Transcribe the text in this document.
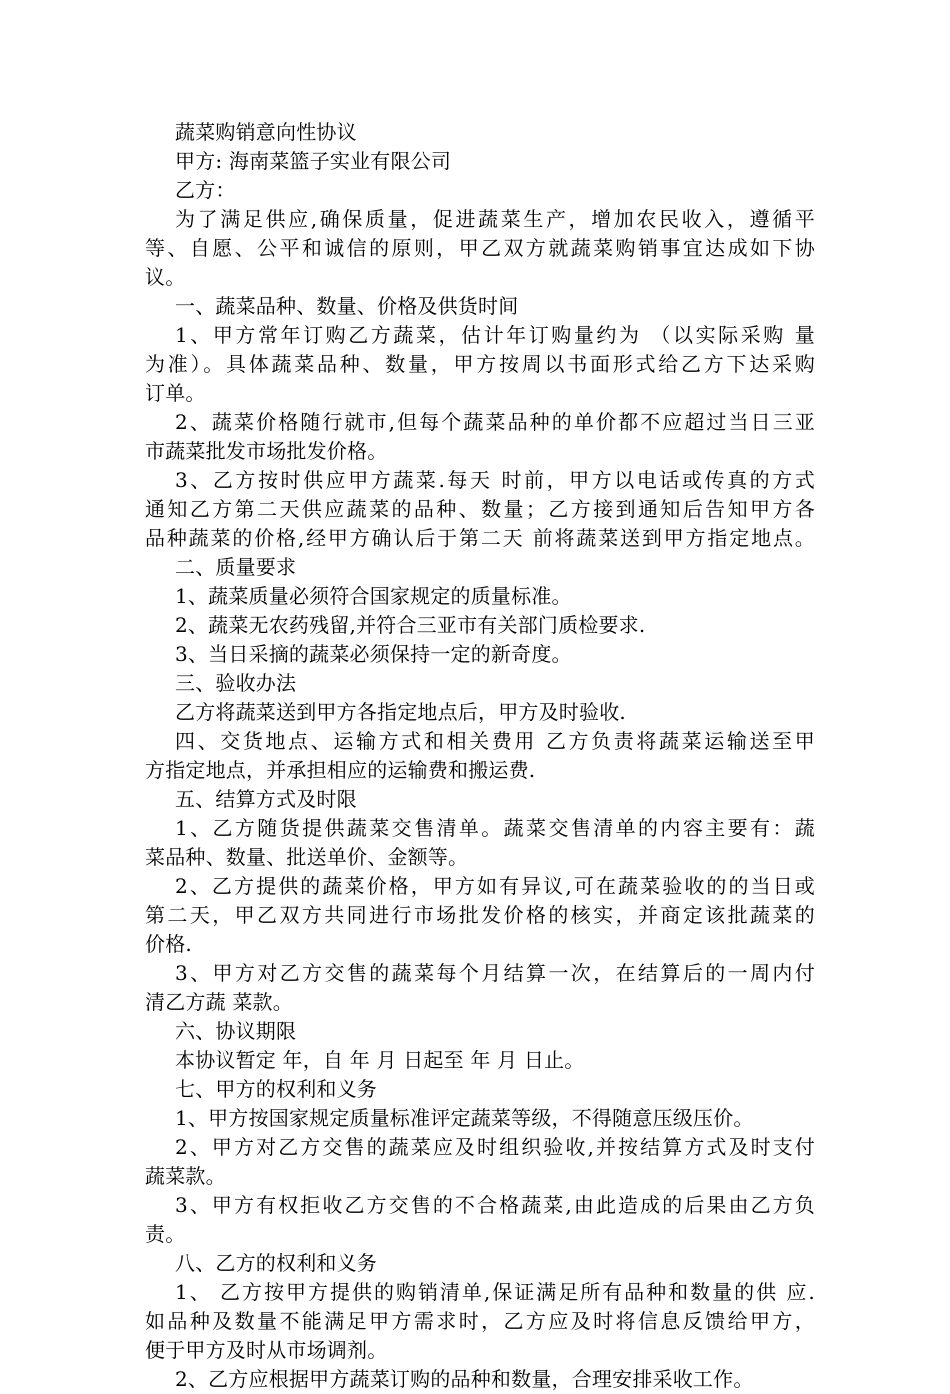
蔬菜购销意向性协议
甲方: 海南菜篮子实业有限公司
乙方：
为了满足供应,确保质量，促进蔬菜生产，增加农民收入，遵循平
等、自愿、公平和诚信的原则，甲乙双方就蔬菜购销事宜达成如下协
议。
一、蔬菜品种、数量、价格及供货时间
1、甲方常年订购乙方蔬菜，估计年订购量约为 （以实际采购 量
为准）。具体蔬菜品种、数量，甲方按周以书面形式给乙方下达采购
订单。
2、蔬菜价格随行就市,但每个蔬菜品种的单价都不应超过当日三亚
市蔬菜批发市场批发价格。
3、乙方按时供应甲方蔬菜.每天 时前，甲方以电话或传真的方式
通知乙方第二天供应蔬菜的品种、数量；乙方接到通知后告知甲方各
品种蔬菜的价格,经甲方确认后于第二天 前将蔬菜送到甲方指定地点。
二、质量要求
1、蔬菜质量必须符合国家规定的质量标准。
2、蔬菜无农药残留,并符合三亚市有关部门质检要求.
3、当日采摘的蔬菜必须保持一定的新奇度。
三、验收办法
乙方将蔬菜送到甲方各指定地点后，甲方及时验收.
四、交货地点、运输方式和相关费用 乙方负责将蔬菜运输送至甲
方指定地点，并承担相应的运输费和搬运费.
五、结算方式及时限
1、乙方随货提供蔬菜交售清单。蔬菜交售清单的内容主要有：蔬
菜品种、数量、批送单价、金额等。
2、乙方提供的蔬菜价格，甲方如有异议,可在蔬菜验收的的当日或
第二天，甲乙双方共同进行市场批发价格的核实，并商定该批蔬菜的
价格.
3、甲方对乙方交售的蔬菜每个月结算一次，在结算后的一周内付
清乙方蔬 菜款。
六、协议期限
本协议暂定 年，自 年 月 日起至 年 月 日止。
七、甲方的权利和义务
1、甲方按国家规定质量标准评定蔬菜等级，不得随意压级压价。
2、甲方对乙方交售的蔬菜应及时组织验收,并按结算方式及时支付
蔬菜款。
3、甲方有权拒收乙方交售的不合格蔬菜,由此造成的后果由乙方负
责。
八、乙方的权利和义务
1、 乙方按甲方提供的购销清单,保证满足所有品种和数量的供 应.
如品种及数量不能满足甲方需求时，乙方应及时将信息反馈给甲方，
便于甲方及时从市场调剂。
2、乙方应根据甲方蔬菜订购的品种和数量，合理安排采收工作。
